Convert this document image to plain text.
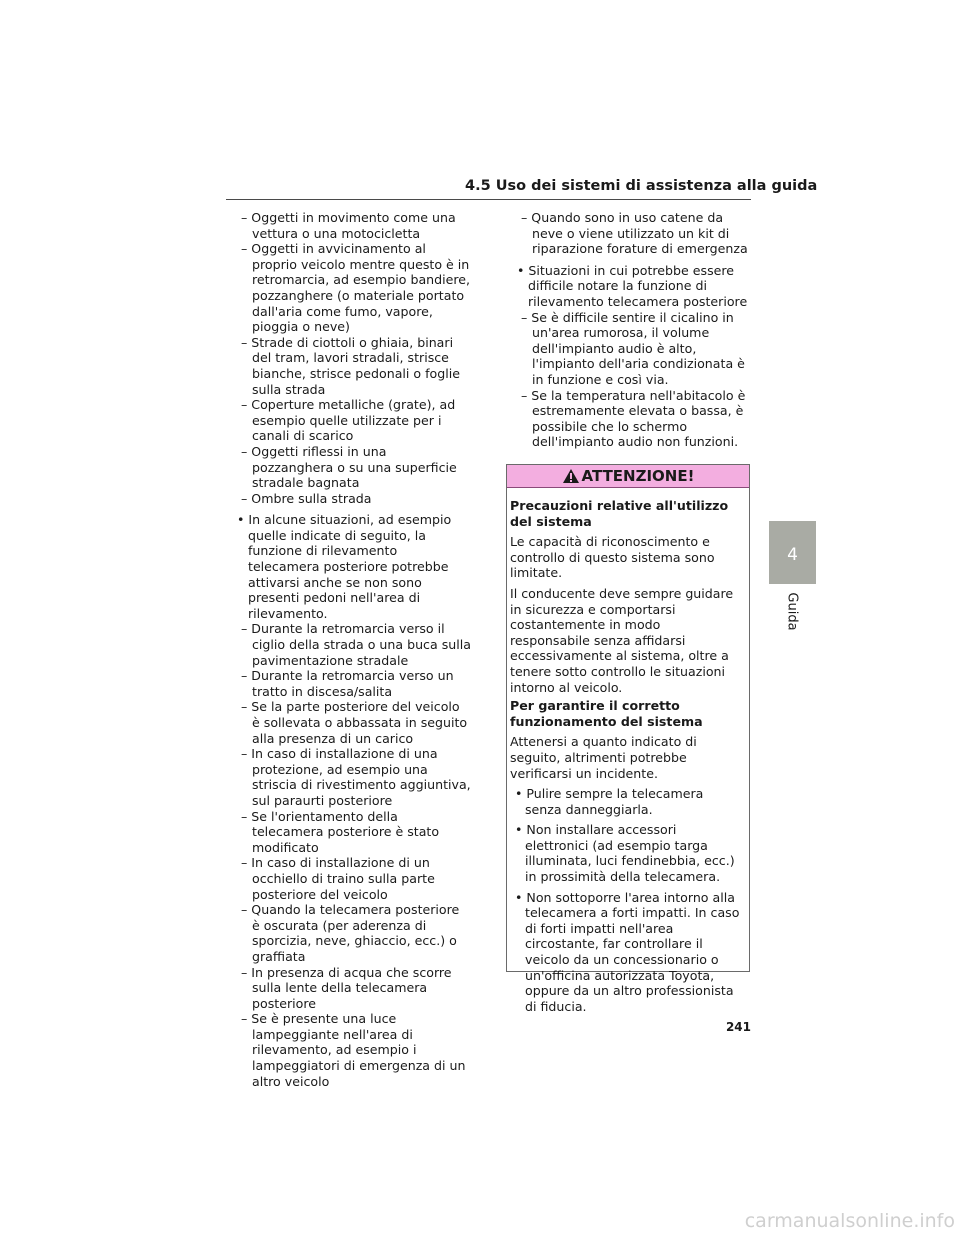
4.5 Uso dei sistemi di assistenza alla guida
– Oggetti in movimento come una vettura o una motocicletta
– Oggetti in avvicinamento al proprio veicolo mentre questo è in retromarcia, ad esempio bandiere, pozzanghere (o materiale portato dall'aria come fumo, vapore, pioggia o neve)
– Strade di ciottoli o ghiaia, binari del tram, lavori stradali, strisce bianche, strisce pedonali o foglie sulla strada
– Coperture metalliche (grate), ad esempio quelle utilizzate per i canali di scarico
– Oggetti riflessi in una pozzanghera o su una superficie stradale bagnata
– Ombre sulla strada
• In alcune situazioni, ad esempio quelle indicate di seguito, la funzione di rilevamento telecamera posteriore potrebbe attivarsi anche se non sono presenti pedoni nell'area di rilevamento.
– Durante la retromarcia verso il ciglio della strada o una buca sulla pavimentazione stradale
– Durante la retromarcia verso un tratto in discesa/salita
– Se la parte posteriore del veicolo è sollevata o abbassata in seguito alla presenza di un carico
– In caso di installazione di una protezione, ad esempio una striscia di rivestimento aggiuntiva, sul paraurti posteriore
– Se l'orientamento della telecamera posteriore è stato modificato
– In caso di installazione di un occhiello di traino sulla parte posteriore del veicolo
– Quando la telecamera posteriore è oscurata (per aderenza di sporcizia, neve, ghiaccio, ecc.) o graffiata
– In presenza di acqua che scorre sulla lente della telecamera posteriore
– Se è presente una luce lampeggiante nell'area di rilevamento, ad esempio i lampeggiatori di emergenza di un altro veicolo
– Quando sono in uso catene da neve o viene utilizzato un kit di riparazione forature di emergenza
• Situazioni in cui potrebbe essere difficile notare la funzione di rilevamento telecamera posteriore
– Se è difficile sentire il cicalino in un'area rumorosa, il volume dell'impianto audio è alto, l'impianto dell'aria condizionata è in funzione e così via.
– Se la temperatura nell'abitacolo è estremamente elevata o bassa, è possibile che lo schermo dell'impianto audio non funzioni.
ATTENZIONE!
Precauzioni relative all'utilizzo del sistema
Le capacità di riconoscimento e controllo di questo sistema sono limitate.
Il conducente deve sempre guidare in sicurezza e comportarsi costantemente in modo responsabile senza affidarsi eccessivamente al sistema, oltre a tenere sotto controllo le situazioni intorno al veicolo.
Per garantire il corretto funzionamento del sistema
Attenersi a quanto indicato di seguito, altrimenti potrebbe verificarsi un incidente.
• Pulire sempre la telecamera senza danneggiarla.
• Non installare accessori elettronici (ad esempio targa illuminata, luci fendinebbia, ecc.) in prossimità della telecamera.
• Non sottoporre l'area intorno alla telecamera a forti impatti. In caso di forti impatti nell'area circostante, far controllare il veicolo da un concessionario o un'officina autorizzata Toyota, oppure da un altro professionista di fiducia.
4
Guida
241
carmanualsonline.info
